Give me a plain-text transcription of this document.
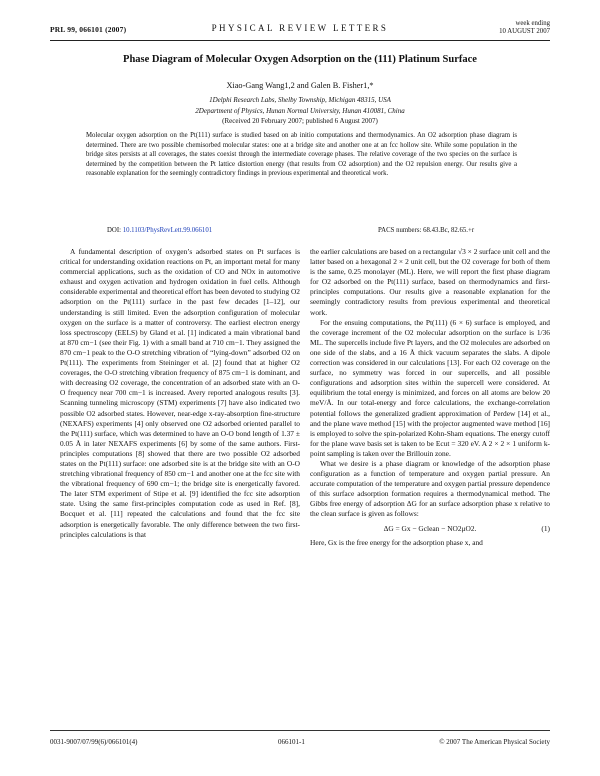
PRL 99, 066101 (2007)	PHYSICAL REVIEW LETTERS	week ending
10 AUGUST 2007
Phase Diagram of Molecular Oxygen Adsorption on the (111) Platinum Surface
Xiao-Gang Wang1,2 and Galen B. Fisher1,*
1Delphi Research Labs, Shelby Township, Michigan 48315, USA
2Department of Physics, Hunan Normal University, Hunan 410081, China
(Received 20 February 2007; published 6 August 2007)
Molecular oxygen adsorption on the Pt(111) surface is studied based on ab initio computations and thermodynamics. An O2 adsorption phase diagram is determined. There are two possible chemisorbed molecular states: one at a bridge site and another one at an fcc hollow site. While some population in the bridge sites persists at all coverages, the states coexist through the intermediate coverage phases. The relative coverage of the two species on the surface is determined by the competition between the Pt lattice distortion energy (that results from O2 adsorption) and the O2 repulsion energy. Our results give a reasonable explanation for the seemingly contradictory findings in previous experimental and theoretical work.
DOI: 10.1103/PhysRevLett.99.066101	PACS numbers: 68.43.Bc, 82.65.+r

A fundamental description of oxygen’s adsorbed states on Pt surfaces is critical for understanding oxidation reactions on Pt, an important metal for many commercial applications, such as the oxidation of CO and NOx in automotive exhaust and oxygen activation and hydrogen oxidation in fuel cells. Although considerable experimental and theoretical effort has been devoted to studying O2 adsorption on the Pt(111) surface in the past few decades [1–12], our understanding is still limited. Even the adsorption configuration of molecular oxygen on the surface is a matter of controversy. The earliest electron energy loss spectroscopy (EELS) by Gland et al. [1] indicated a main vibrational band at 870 cm−1 (see their Fig. 1) with a small band at 710 cm−1. They assigned the 870 cm−1 peak to the O-O stretching vibration of “lying-down” adsorbed O2 on Pt(111). The experiments from Steininger et al. [2] found that at higher O2 coverages, the O-O stretching vibration frequency of 875 cm−1 is dominant, and with decreasing O2 coverage, the concentration of an adsorbed state with an O-O frequency near 700 cm−1 is increased. Avery reported analogous results [3]. Scanning tunneling microscopy (STM) experiments [7] have also indicated two possible O2 adsorbed states. However, near-edge x-ray-absorption fine-structure (NEXAFS) experiments [4] only observed one O2 adsorbed oriented parallel to the Pt(111) surface, which was determined to have an O-O bond length of 1.37 ± 0.05 Å in later NEXAFS experiments [6] by some of the same authors. First-principles computations [8] showed that there are two possible O2 adsorbed states on the Pt(111) surface: one adsorbed site is at the bridge site with an O-O stretching vibrational frequency of 850 cm−1 and another one at the fcc site with the vibrational frequency of 690 cm−1; the bridge site is energetically favored. The later STM experiment of Stipe et al. [9] identified the fcc site adsorption state. Using the same first-principles computation code as used in Ref. [8], Bocquet et al. [11] repeated the calculations and found that the fcc site adsorption is energetically favorable. The only difference between the two first-principles calculations is that

the earlier calculations are based on a rectangular √3 × 2 surface unit cell and the latter based on a hexagonal 2 × 2 unit cell, but the O2 coverage for both of them is the same, 0.25 monolayer (ML). Here, we will report the first phase diagram for O2 adsorbed on the Pt(111) surface, based on thermodynamics and first-principles computations. Our results give a reasonable explanation for the seemingly contradictory results from previous experimental and theoretical work.

For the ensuing computations, the Pt(111) (6 × 6) surface is employed, and the coverage increment of the O2 molecular adsorption on the surface is 1/36 ML. The supercells include five Pt layers, and the O2 molecules are adsorbed on one side of the slabs, and a 16 Å thick vacuum separates the slabs. A dipole correction was considered in our calculations [13]. For each O2 coverage on the surface, no symmetry was forced in our supercells, and all possible configurations and adsorption sites within the supercell were considered. At equilibrium the total energy is minimized, and forces on all atoms are below 20 meV/Å. In our total-energy and force calculations, the exchange-correlation potential follows the generalized gradient approximation of Perdew [14] et al., and the plane wave method [15] with the projector augmented wave method [16] is employed to solve the spin-polarized Kohn-Sham equations. The energy cutoff for the plane wave basis set is taken to be Ecut = 320 eV. A 2 × 2 × 1 uniform k-point sampling is taken over the Brillouin zone.

What we desire is a phase diagram or knowledge of the adsorption phase configuration as a function of temperature and oxygen partial pressure. An accurate computation of the temperature and oxygen partial pressure dependence of this surface adsorption formation requires a thermodynamical method. The Gibbs free energy of adsorption ΔG for an surface adsorption phase x relative to the clean surface is given as follows:

ΔG = Gx − Gclean − NO2μO2.	(1)

Here, Gx is the free energy for the adsorption phase x, and

0031-9007/07/99(6)/066101(4)	066101-1	© 2007 The American Physical Society
